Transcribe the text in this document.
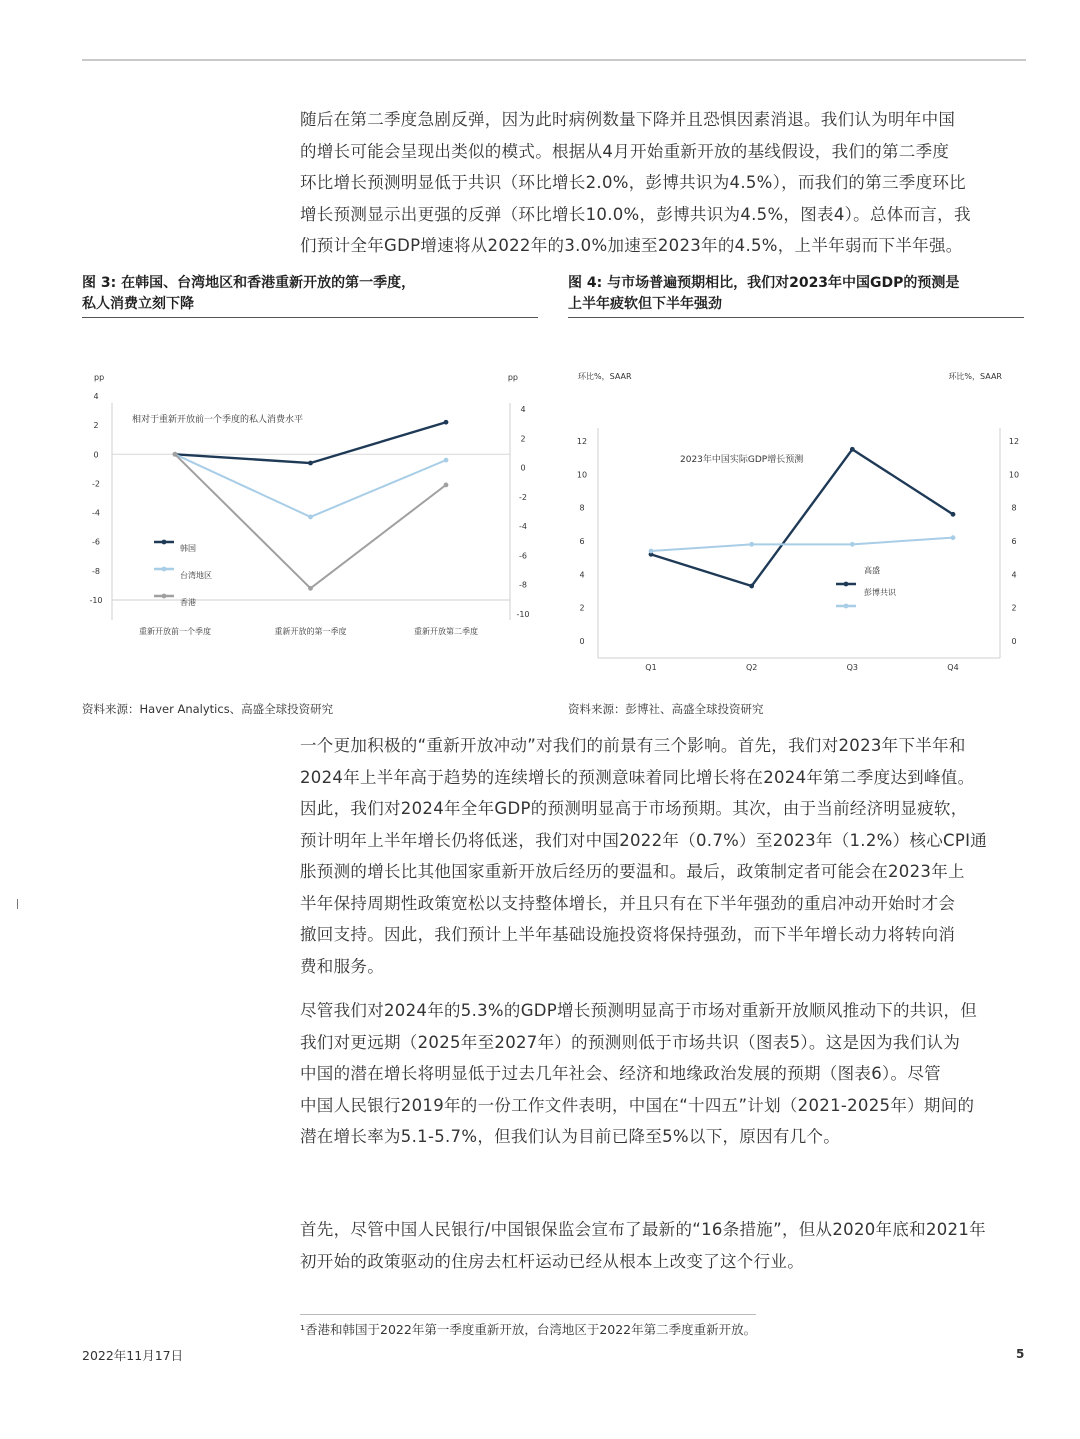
随后在第二季度急剧反弹，因为此时病例数量下降并且恐惧因素消退。我们认为明年中国
的增长可能会呈现出类似的模式。根据从4月开始重新开放的基线假设，我们的第二季度
环比增长预测明显低于共识（环比增长2.0%，彭博共识为4.5%），而我们的第三季度环比
增长预测显示出更强的反弹（环比增长10.0%，彭博共识为4.5%，图表4）。总体而言，我
们预计全年GDP增速将从2022年的3.0%加速至2023年的4.5%，上半年弱而下半年强。

图 3: 在韩国、台湾地区和香港重新开放的第一季度，
私人消费立刻下降
图 4: 与市场普遍预期相比，我们对2023年中国GDP的预测是
上半年疲软但下半年强劲
pp	pp
4
2
0
-2
-4
-6
-8
-10
4
2
0
-2
-4
-6
-8
-10
重新开放前一个季度	重新开放的第一季度	重新开放第二季度
相对于重新开放前一个季度的私人消费水平
韩国
台湾地区
香港
环比%，SAAR	环比%，SAAR
12
10
8
6
4
2
0
12
10
8
6
4
2
0
Q1	Q2	Q3	Q4
2023年中国实际GDP增长预测
高盛
彭博共识
资料来源：Haver Analytics、高盛全球投资研究	资料来源：彭博社、高盛全球投资研究

一个更加积极的“重新开放冲动”对我们的前景有三个影响。首先，我们对2023年下半年和
2024年上半年高于趋势的连续增长的预测意味着同比增长将在2024年第二季度达到峰值。
因此，我们对2024年全年GDP的预测明显高于市场预期。其次，由于当前经济明显疲软，
预计明年上半年增长仍将低迷，我们对中国2022年（0.7%）至2023年（1.2%）核心CPI通
胀预测的增长比其他国家重新开放后经历的要温和。最后，政策制定者可能会在2023年上
半年保持周期性政策宽松以支持整体增长，并且只有在下半年强劲的重启冲动开始时才会
撤回支持。因此，我们预计上半年基础设施投资将保持强劲，而下半年增长动力将转向消
费和服务。

尽管我们对2024年的5.3%的GDP增长预测明显高于市场对重新开放顺风推动下的共识，但
我们对更远期（2025年至2027年）的预测则低于市场共识（图表5）。这是因为我们认为
中国的潜在增长将明显低于过去几年社会、经济和地缘政治发展的预期（图表6）。尽管
中国人民银行2019年的一份工作文件表明，中国在“十四五”计划（2021-2025年）期间的
潜在增长率为5.1-5.7%，但我们认为目前已降至5%以下，原因有几个。

首先，尽管中国人民银行/中国银保监会宣布了最新的“16条措施”，但从2020年底和2021年
初开始的政策驱动的住房去杠杆运动已经从根本上改变了这个行业。

¹香港和韩国于2022年第一季度重新开放，台湾地区于2022年第二季度重新开放。
2022年11月17日	5
